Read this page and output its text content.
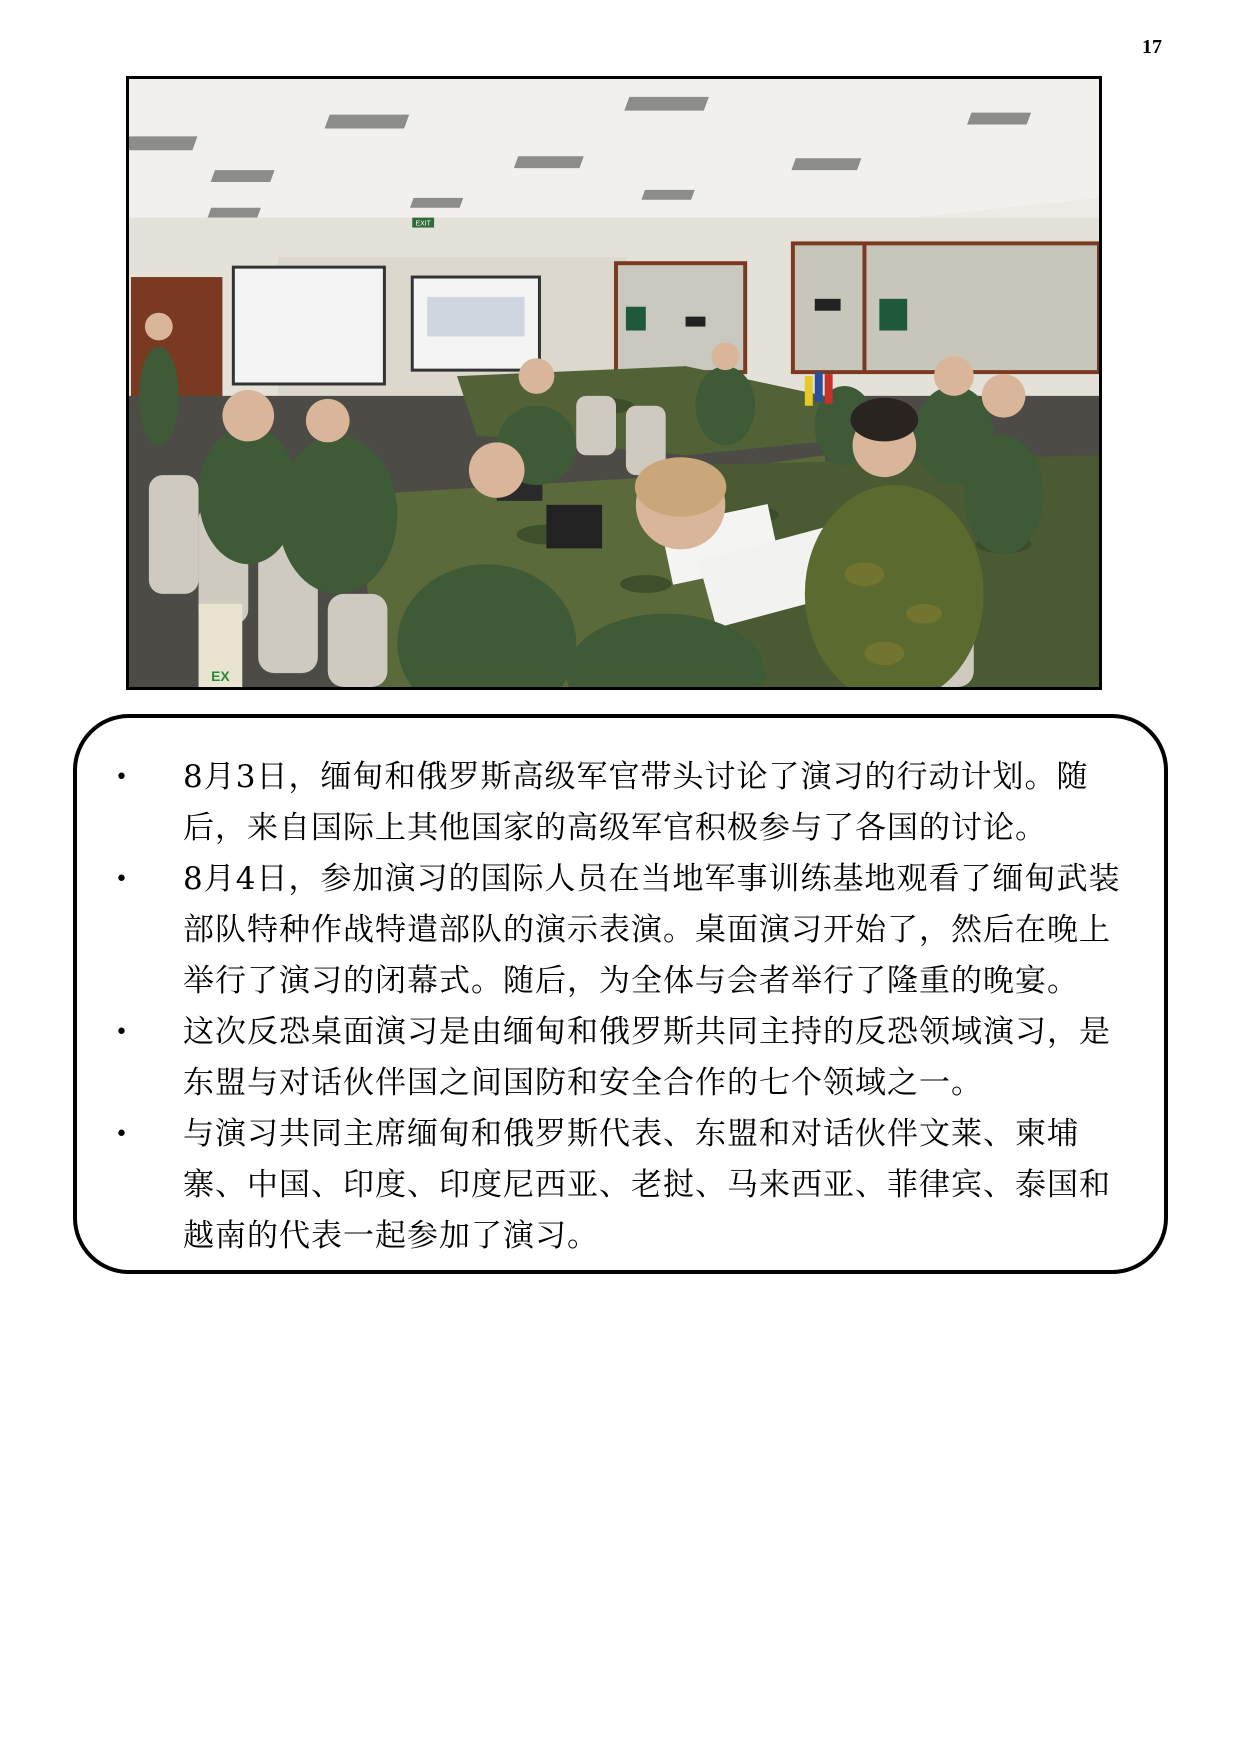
17
EXIT
EX
• 8月3日，缅甸和俄罗斯高级军官带头讨论了演习的行动计划。随后，来自国际上其他国家的高级军官积极参与了各国的讨论。
• 8月4日，参加演习的国际人员在当地军事训练基地观看了缅甸武装部队特种作战特遣部队的演示表演。桌面演习开始了，然后在晚上举行了演习的闭幕式。随后，为全体与会者举行了隆重的晚宴。
• 这次反恐桌面演习是由缅甸和俄罗斯共同主持的反恐领域演习，是东盟与对话伙伴国之间国防和安全合作的七个领域之一。
• 与演习共同主席缅甸和俄罗斯代表、东盟和对话伙伴文莱、柬埔寨、中国、印度、印度尼西亚、老挝、马来西亚、菲律宾、泰国和越南的代表一起参加了演习。
